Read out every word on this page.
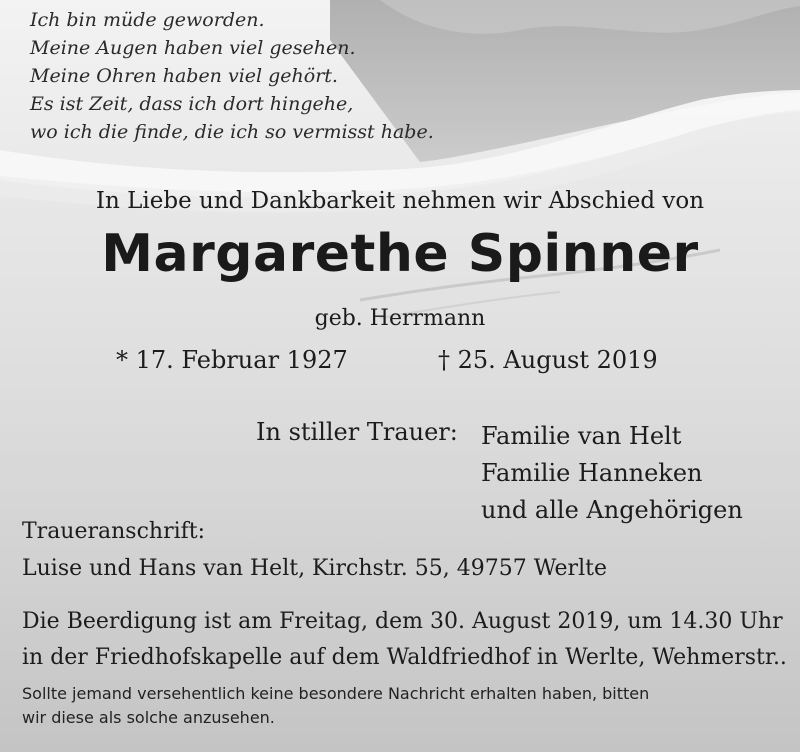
Ich bin müde geworden.
Meine Augen haben viel gesehen.
Meine Ohren haben viel gehört.
Es ist Zeit, dass ich dort hingehe,
wo ich die finde, die ich so vermisst habe.
In Liebe und Dankbarkeit nehmen wir Abschied von
Margarethe Spinner
geb. Herrmann
* 17. Februar 1927	† 25. August 2019
In stiller Trauer: Familie van Helt
Familie Hanneken
und alle Angehörigen
Traueranschrift:
Luise und Hans van Helt, Kirchstr. 55, 49757 Werlte
Die Beerdigung ist am Freitag, dem 30. August 2019, um 14.30 Uhr
in der Friedhofskapelle auf dem Waldfriedhof in Werlte, Wehmerstr..
Sollte jemand versehentlich keine besondere Nachricht erhalten haben, bitten
wir diese als solche anzusehen.
